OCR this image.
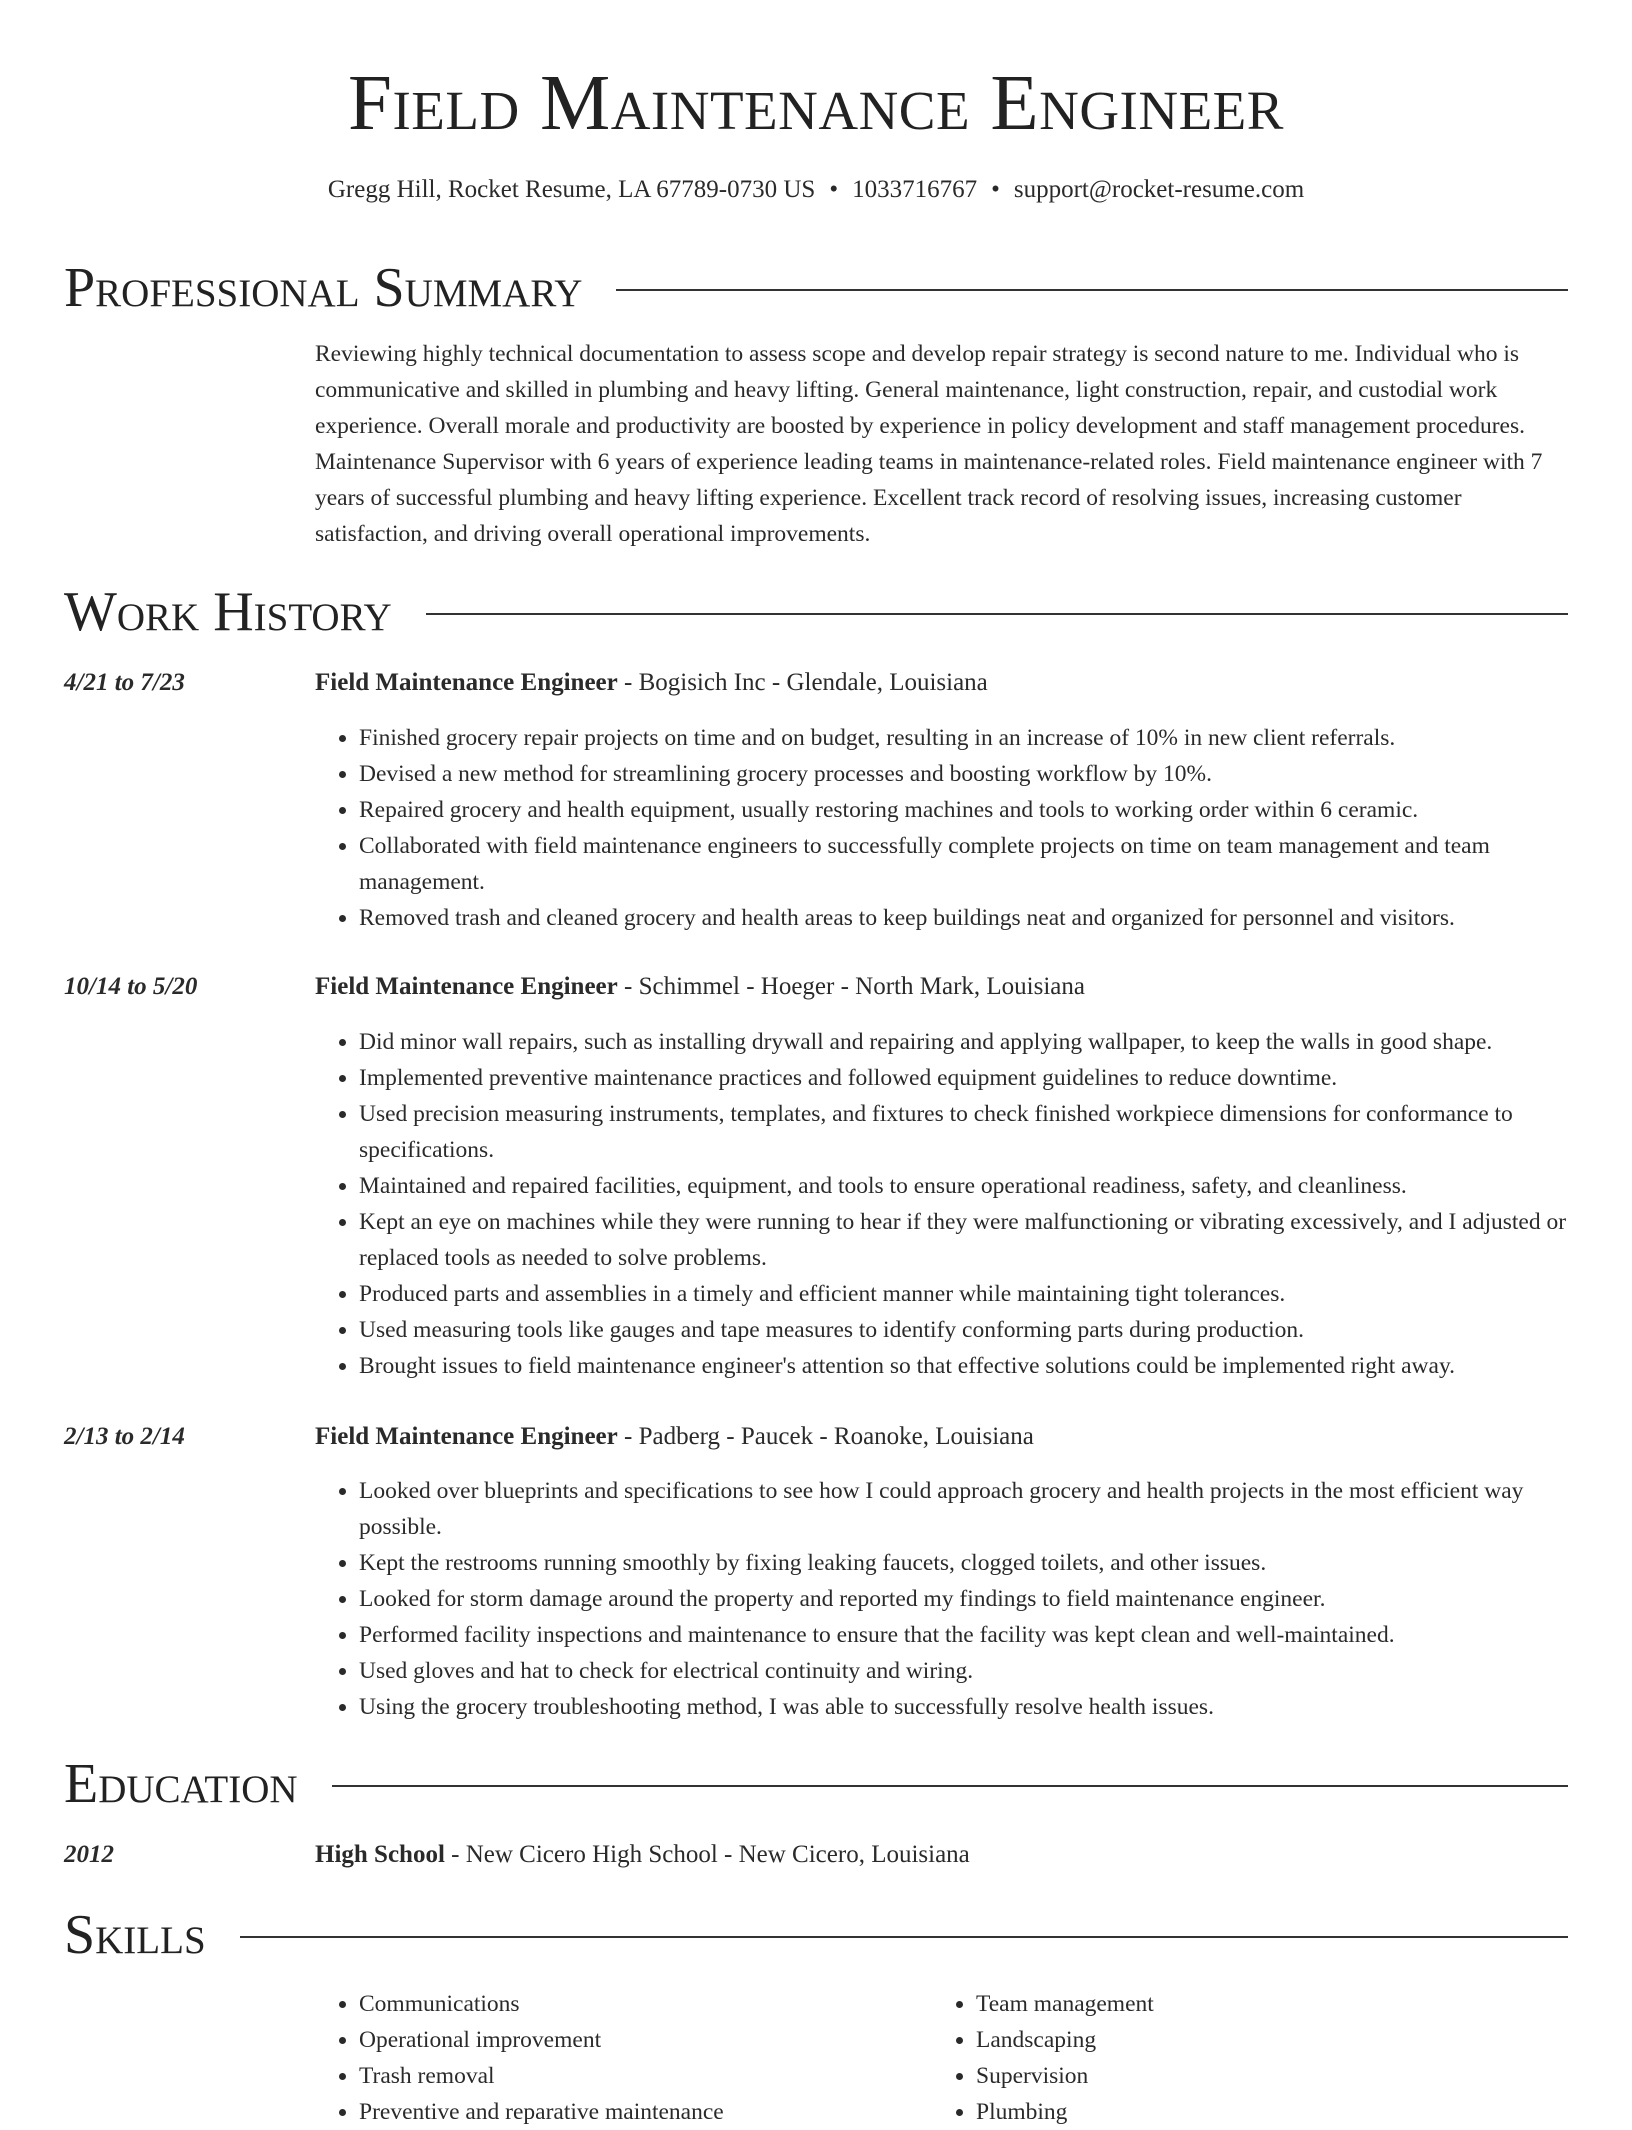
Field Maintenance Engineer
Gregg Hill, Rocket Resume, LA 67789-0730 US • 1033716767 • support@rocket-resume.com
Professional Summary

Reviewing highly technical documentation to assess scope and develop repair strategy is second nature to me. Individual who is communicative and skilled in plumbing and heavy lifting. General maintenance, light construction, repair, and custodial work experience. Overall morale and productivity are boosted by experience in policy development and staff management procedures. Maintenance Supervisor with 6 years of experience leading teams in maintenance-related roles. Field maintenance engineer with 7 years of successful plumbing and heavy lifting experience. Excellent track record of resolving issues, increasing customer satisfaction, and driving overall operational improvements.

Work History
4/21 to 7/23	Field Maintenance Engineer - Bogisich Inc - Glendale, Louisiana
• Finished grocery repair projects on time and on budget, resulting in an increase of 10% in new client referrals.
• Devised a new method for streamlining grocery processes and boosting workflow by 10%.
• Repaired grocery and health equipment, usually restoring machines and tools to working order within 6 ceramic.
• Collaborated with field maintenance engineers to successfully complete projects on time on team management and team management.
• Removed trash and cleaned grocery and health areas to keep buildings neat and organized for personnel and visitors.
10/14 to 5/20	Field Maintenance Engineer - Schimmel - Hoeger - North Mark, Louisiana
• Did minor wall repairs, such as installing drywall and repairing and applying wallpaper, to keep the walls in good shape.
• Implemented preventive maintenance practices and followed equipment guidelines to reduce downtime.
• Used precision measuring instruments, templates, and fixtures to check finished workpiece dimensions for conformance to specifications.
• Maintained and repaired facilities, equipment, and tools to ensure operational readiness, safety, and cleanliness.
• Kept an eye on machines while they were running to hear if they were malfunctioning or vibrating excessively, and I adjusted or replaced tools as needed to solve problems.
• Produced parts and assemblies in a timely and efficient manner while maintaining tight tolerances.
• Used measuring tools like gauges and tape measures to identify conforming parts during production.
• Brought issues to field maintenance engineer's attention so that effective solutions could be implemented right away.
2/13 to 2/14	Field Maintenance Engineer - Padberg - Paucek - Roanoke, Louisiana
• Looked over blueprints and specifications to see how I could approach grocery and health projects in the most efficient way possible.
• Kept the restrooms running smoothly by fixing leaking faucets, clogged toilets, and other issues.
• Looked for storm damage around the property and reported my findings to field maintenance engineer.
• Performed facility inspections and maintenance to ensure that the facility was kept clean and well-maintained.
• Used gloves and hat to check for electrical continuity and wiring.
• Using the grocery troubleshooting method, I was able to successfully resolve health issues.
Education
2012	High School - New Cicero High School - New Cicero, Louisiana
Skills
• Communications
• Operational improvement
• Trash removal
• Preventive and reparative maintenance
• Team management
• Landscaping
• Supervision
• Plumbing
